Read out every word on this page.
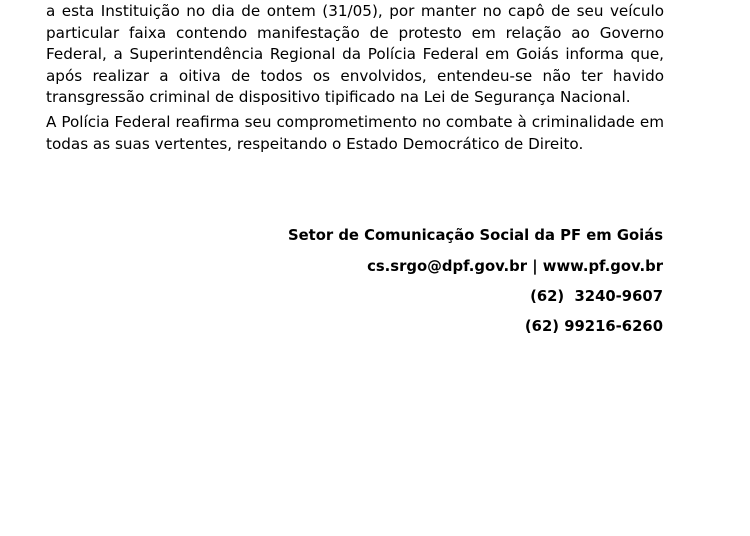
a esta Instituição no dia de ontem (31/05), por manter no capô de seu veículo
particular faixa contendo manifestação de protesto em relação ao Governo
Federal, a Superintendência Regional da Polícia Federal em Goiás informa que,
após realizar a oitiva de todos os envolvidos, entendeu-se não ter havido
transgressão criminal de dispositivo tipificado na Lei de Segurança Nacional.
A Polícia Federal reafirma seu comprometimento no combate à criminalidade em
todas as suas vertentes, respeitando o Estado Democrático de Direito.
Setor de Comunicação Social da PF em Goiás
cs.srgo@dpf.gov.br | www.pf.gov.br
(62)  3240-9607
(62) 99216-6260
